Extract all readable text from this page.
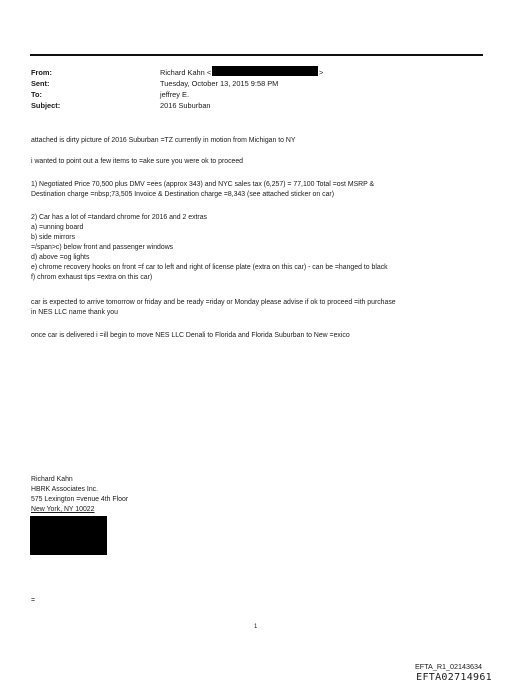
From:	Richard Kahn <	>
Sent:	Tuesday, October 13, 2015 9:58 PM
To:	jeffrey E.
Subject:	2016 Suburban
attached is dirty picture of 2016 Suburban =TZ currently in motion from Michigan to NY
i wanted to point out a few items to =ake sure you were ok to proceed
1) Negotiated Price 70,500 plus DMV =ees (approx 343) and NYC sales tax (6,257) = 77,100 Total =ost MSRP &
Destination charge =nbsp;73,505 Invoice & Destination charge =8,343 (see attached sticker on car)
2) Car has a lot of =tandard chrome for 2016 and 2 extras
a) =unning board
b) side mirrors
=/span>c) below front and passenger windows
d) above =og lights
e) chrome recovery hooks on front =f car to left and right of license plate (extra on this car) - can be =hanged to black
f) chrom exhaust tips =extra on this car)
car is expected to arrive tomorrow or friday and be ready =riday or Monday please advise if ok to proceed =ith purchase
in NES LLC name thank you
once car is delivered i =ill begin to move NES LLC Denali to Florida and Florida Suburban to New =exico
Richard Kahn
HBRK Associates Inc.
575 Lexington =venue 4th Floor
New York, NY 10022
=
1
EFTA_R1_02143634
EFTA02714961
